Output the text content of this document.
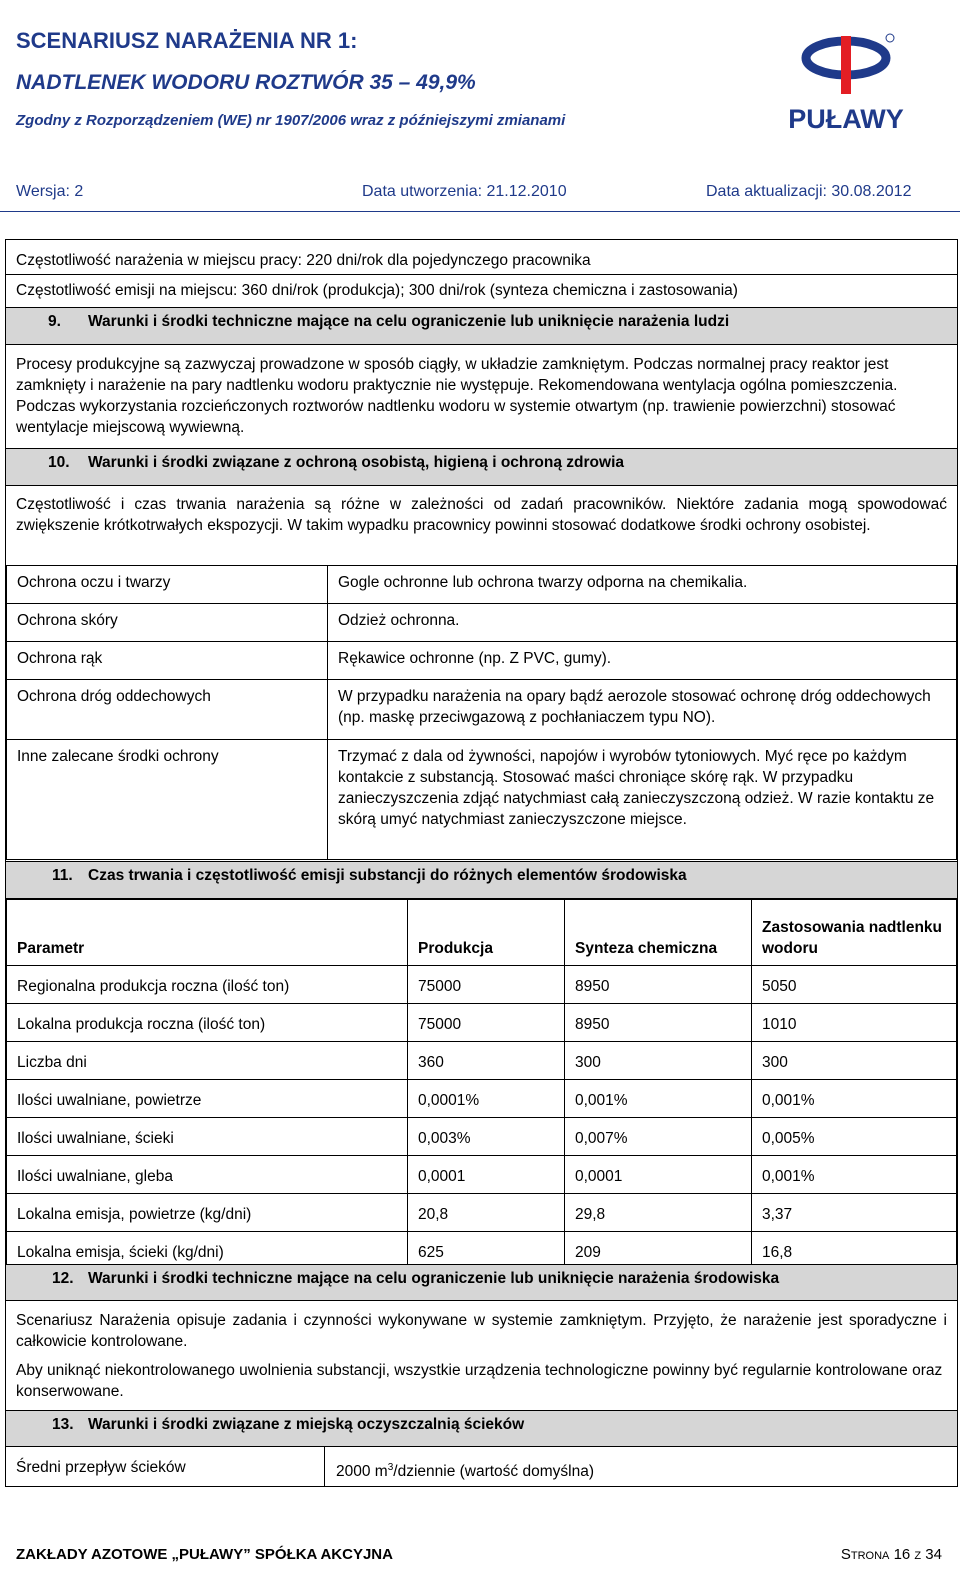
SCENARIUSZ NARAŻENIA NR 1:
NADTLENEK WODORU ROZTWÓR 35 – 49,9%
Zgodny z Rozporządzeniem (WE) nr 1907/2006 wraz z późniejszymi zmianami	PUŁAWY
Wersja: 2	Data utworzenia: 21.12.2010	Data aktualizacji: 30.08.2012
Częstotliwość narażenia w miejscu pracy: 220 dni/rok dla pojedynczego pracownika
Częstotliwość emisji na miejscu: 360 dni/rok (produkcja); 300 dni/rok (synteza chemiczna i zastosowania)
9. Warunki i środki techniczne mające na celu ograniczenie lub uniknięcie narażenia ludzi
Procesy produkcyjne są zazwyczaj prowadzone w sposób ciągły, w układzie zamkniętym. Podczas normalnej pracy reaktor jest zamknięty i narażenie na pary nadtlenku wodoru praktycznie nie występuje. Rekomendowana wentylacja ogólna pomieszczenia. Podczas wykorzystania rozcieńczonych roztworów nadtlenku wodoru w systemie otwartym (np. trawienie powierzchni) stosować wentylacje miejscową wywiewną.
10. Warunki i środki związane z ochroną osobistą, higieną i ochroną zdrowia
Częstotliwość i czas trwania narażenia są różne w zależności od zadań pracowników. Niektóre zadania mogą spowodować zwiększenie krótkotrwałych ekspozycji. W takim wypadku pracownicy powinni stosować dodatkowe środki ochrony osobistej.
Ochrona oczu i twarzy	Gogle ochronne lub ochrona twarzy odporna na chemikalia.
Ochrona skóry	Odzież ochronna.
Ochrona rąk	Rękawice ochronne (np. Z PVC, gumy).
Ochrona dróg oddechowych	W przypadku narażenia na opary bądź aerozole stosować ochronę dróg oddechowych (np. maskę przeciwgazową z pochłaniaczem typu NO).
Inne zalecane środki ochrony	Trzymać z dala od żywności, napojów i wyrobów tytoniowych. Myć ręce po każdym kontakcie z substancją. Stosować maści chroniące skórę rąk. W przypadku zanieczyszczenia zdjąć natychmiast całą zanieczyszczoną odzież. W razie kontaktu ze skórą umyć natychmiast zanieczyszczone miejsce.
11. Czas trwania i częstotliwość emisji substancji do różnych elementów środowiska
Parametr	Produkcja	Synteza chemiczna	Zastosowania nadtlenku wodoru
Regionalna produkcja roczna (ilość ton)	75000	8950	5050
Lokalna produkcja roczna (ilość ton)	75000	8950	1010
Liczba dni	360	300	300
Ilości uwalniane, powietrze	0,0001%	0,001%	0,001%
Ilości uwalniane, ścieki	0,003%	0,007%	0,005%
Ilości uwalniane, gleba	0,0001	0,0001	0,001%
Lokalna emisja, powietrze (kg/dni)	20,8	29,8	3,37
Lokalna emisja, ścieki (kg/dni)	625	209	16,8
12. Warunki i środki techniczne mające na celu ograniczenie lub uniknięcie narażenia środowiska
Scenariusz Narażenia opisuje zadania i czynności wykonywane w systemie zamkniętym. Przyjęto, że narażenie jest sporadyczne i całkowicie kontrolowane.
Aby uniknąć niekontrolowanego uwolnienia substancji, wszystkie urządzenia technologiczne powinny być regularnie kontrolowane oraz konserwowane.
13. Warunki i środki związane z miejską oczyszczalnią ścieków
Średni przepływ ścieków	2000 $m^3$/dziennie (wartość domyślna)
ZAKŁADY AZOTOWE „PUŁAWY” SPÓŁKA AKCYJNA	Strona 16 z 34
